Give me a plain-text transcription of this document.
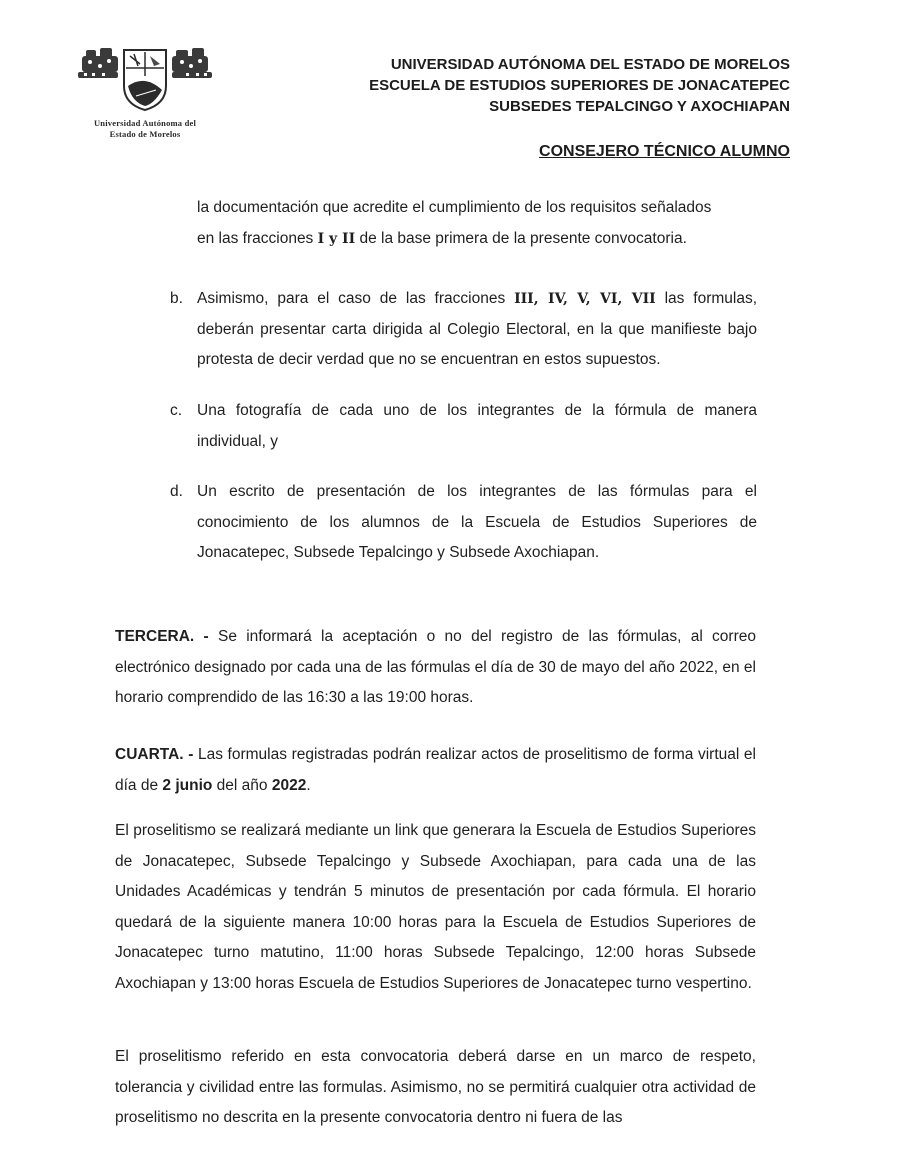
Universidad Autónoma del
Estado de Morelos
UNIVERSIDAD AUTÓNOMA DEL ESTADO DE MORELOS
ESCUELA DE ESTUDIOS SUPERIORES DE JONACATEPEC
SUBSEDES TEPALCINGO Y AXOCHIAPAN
CONSEJERO TÉCNICO ALUMNO
la documentación que acredite el cumplimiento de los requisitos señalados
en las fracciones I y II de la base primera de la presente convocatoria.
b. Asimismo, para el caso de las fracciones III, IV, V, VI, VII las formulas, deberán presentar carta dirigida al Colegio Electoral, en la que manifieste bajo protesta de decir verdad que no se encuentran en estos supuestos.

c. Una fotografía de cada uno de los integrantes de la fórmula de manera individual, y

d. Un escrito de presentación de los integrantes de las fórmulas para el conocimiento de los alumnos de la Escuela de Estudios Superiores de Jonacatepec, Subsede Tepalcingo y Subsede Axochiapan.

TERCERA. - Se informará la aceptación o no del registro de las fórmulas, al correo electrónico designado por cada una de las fórmulas el día de 30 de mayo del año 2022, en el horario comprendido de las 16:30 a las 19:00 horas.

CUARTA. - Las formulas registradas podrán realizar actos de proselitismo de forma virtual el día de 2 junio del año 2022.

El proselitismo se realizará mediante un link que generara la Escuela de Estudios Superiores de Jonacatepec, Subsede Tepalcingo y Subsede Axochiapan, para cada una de las Unidades Académicas y tendrán 5 minutos de presentación por cada fórmula. El horario quedará de la siguiente manera 10:00 horas para la Escuela de Estudios Superiores de Jonacatepec turno matutino, 11:00 horas Subsede Tepalcingo, 12:00 horas Subsede Axochiapan y 13:00 horas Escuela de Estudios Superiores de Jonacatepec turno vespertino.

El proselitismo referido en esta convocatoria deberá darse en un marco de respeto, tolerancia y civilidad entre las formulas. Asimismo, no se permitirá cualquier otra actividad de proselitismo no descrita en la presente convocatoria dentro ni fuera de las
